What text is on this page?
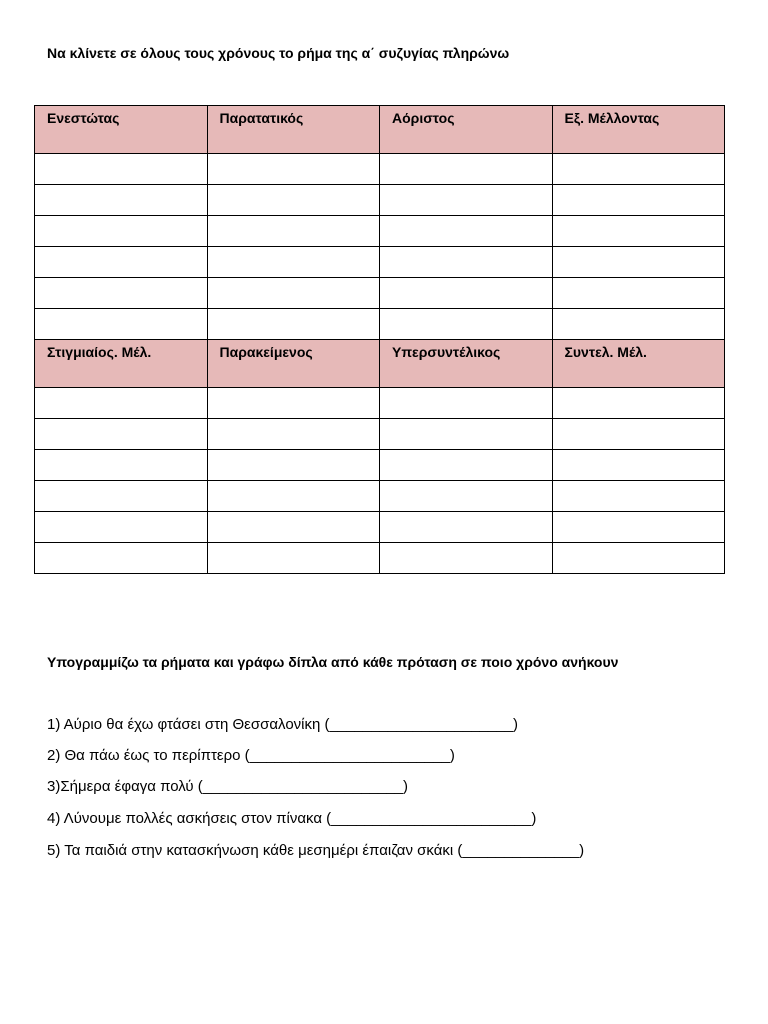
Να κλίνετε σε όλους τους χρόνους το ρήμα της α΄ συζυγίας πληρώνω
Ενεστώτας	Παρατατικός	Αόριστος	Εξ. Μέλλοντας

Στιγμιαίος. Μέλ.	Παρακείμενος	Υπερσυντέλικος	Συντελ. Μέλ.

Υπογραμμίζω τα ρήματα και γράφω δίπλα από κάθε πρόταση σε ποιο χρόνο ανήκουν
1) Αύριο θα έχω φτάσει στη Θεσσαλονίκη (______________________)
2) Θα πάω έως το περίπτερο (________________________)
3)Σήμερα έφαγα πολύ (________________________)
4) Λύνουμε πολλές ασκήσεις στον πίνακα (________________________)
5) Τα παιδιά στην κατασκήνωση κάθε μεσημέρι έπαιζαν σκάκι (______________)
